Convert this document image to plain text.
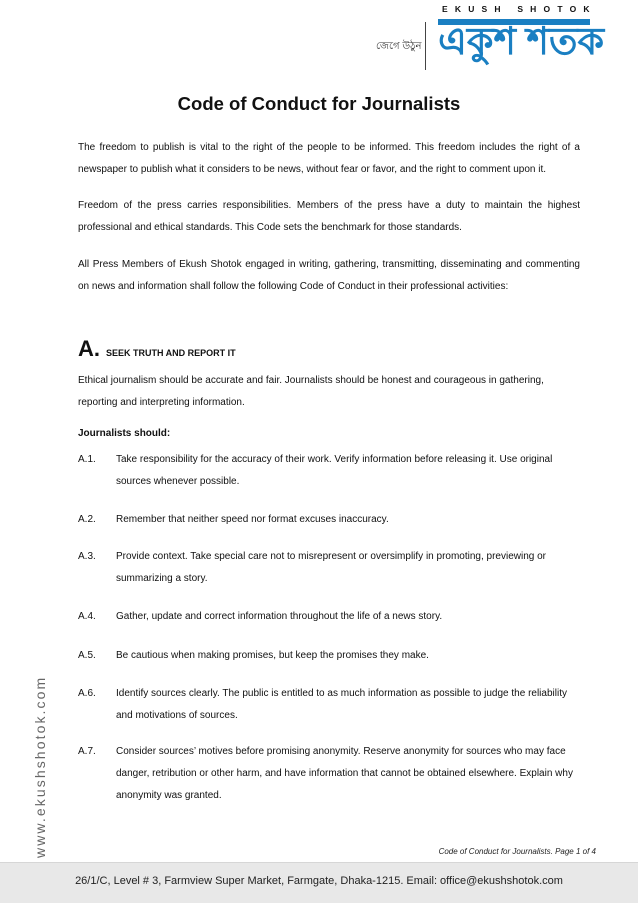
জেগে উঠুন
EKUSH SHOTOK
একুশ শতক
Code of Conduct for Journalists
The freedom to publish is vital to the right of the people to be informed. This freedom includes the right of a newspaper to publish what it considers to be news, without fear or favor, and the right to comment upon it.
Freedom of the press carries responsibilities. Members of the press have a duty to maintain the highest professional and ethical standards. This Code sets the benchmark for those standards.
All Press Members of Ekush Shotok engaged in writing, gathering, transmitting, disseminating and commenting on news and information shall follow the following Code of Conduct in their professional activities:
A. SEEK TRUTH AND REPORT IT
Ethical journalism should be accurate and fair. Journalists should be honest and courageous in gathering, reporting and interpreting information.
Journalists should:
A.1.	Take responsibility for the accuracy of their work. Verify information before releasing it. Use original sources whenever possible.
A.2.	Remember that neither speed nor format excuses inaccuracy.
A.3.	Provide context. Take special care not to misrepresent or oversimplify in promoting, previewing or summarizing a story.
A.4.	Gather, update and correct information throughout the life of a news story.
A.5.	Be cautious when making promises, but keep the promises they make.
A.6.	Identify sources clearly. The public is entitled to as much information as possible to judge the reliability and motivations of sources.
A.7.	Consider sources’ motives before promising anonymity. Reserve anonymity for sources who may face danger, retribution or other harm, and have information that cannot be obtained elsewhere. Explain why anonymity was granted.
www.ekushshotok.com	Code of Conduct for Journalists. Page 1 of 4
26/1/C, Level # 3, Farmview Super Market, Farmgate, Dhaka-1215. Email: office@ekushshotok.com
